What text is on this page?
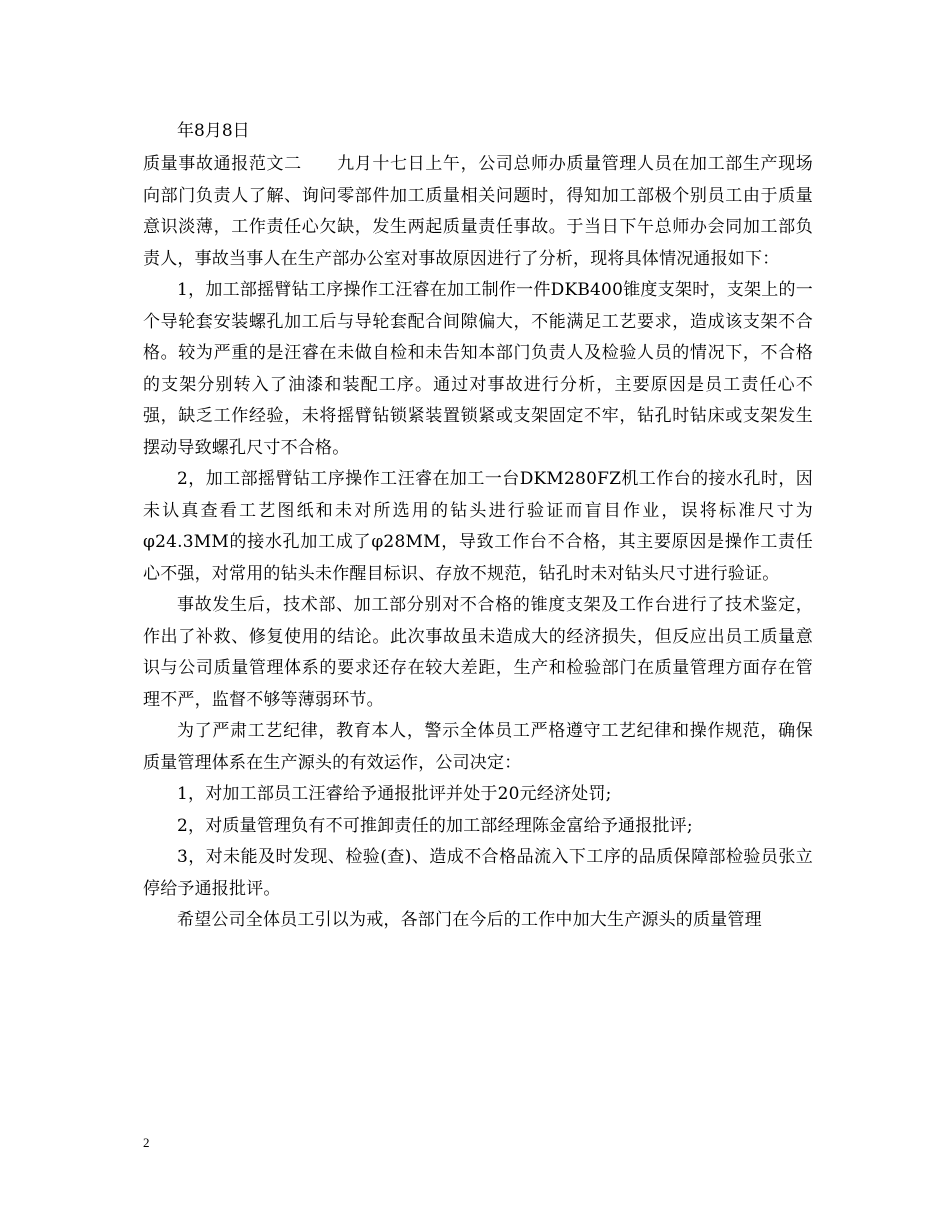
年8月8日

质量事故通报范文二　　九月十七日上午，公司总师办质量管理人员在加工部生产现场向部门负责人了解、询问零部件加工质量相关问题时，得知加工部极个别员工由于质量意识淡薄，工作责任心欠缺，发生两起质量责任事故。于当日下午总师办会同加工部负责人，事故当事人在生产部办公室对事故原因进行了分析，现将具体情况通报如下：

1，加工部摇臂钻工序操作工汪睿在加工制作一件DKB400锥度支架时，支架上的一个导轮套安装螺孔加工后与导轮套配合间隙偏大，不能满足工艺要求，造成该支架不合格。较为严重的是汪睿在未做自检和未告知本部门负责人及检验人员的情况下，不合格的支架分别转入了油漆和装配工序。通过对事故进行分析，主要原因是员工责任心不强，缺乏工作经验，未将摇臂钻锁紧装置锁紧或支架固定不牢，钻孔时钻床或支架发生摆动导致螺孔尺寸不合格。

2，加工部摇臂钻工序操作工汪睿在加工一台DKM280FZ机工作台的接水孔时，因未认真查看工艺图纸和未对所选用的钻头进行验证而盲目作业，误将标准尺寸为φ24.3MM的接水孔加工成了φ28MM，导致工作台不合格，其主要原因是操作工责任心不强，对常用的钻头未作醒目标识、存放不规范，钻孔时未对钻头尺寸进行验证。

事故发生后，技术部、加工部分别对不合格的锥度支架及工作台进行了技术鉴定，作出了补救、修复使用的结论。此次事故虽未造成大的经济损失，但反应出员工质量意识与公司质量管理体系的要求还存在较大差距，生产和检验部门在质量管理方面存在管理不严，监督不够等薄弱环节。

为了严肃工艺纪律，教育本人，警示全体员工严格遵守工艺纪律和操作规范，确保质量管理体系在生产源头的有效运作，公司决定：

1，对加工部员工汪睿给予通报批评并处于20元经济处罚;

2，对质量管理负有不可推卸责任的加工部经理陈金富给予通报批评;

3，对未能及时发现、检验(查)、造成不合格品流入下工序的品质保障部检验员张立停给予通报批评。

希望公司全体员工引以为戒，各部门在今后的工作中加大生产源头的质量管理

2
